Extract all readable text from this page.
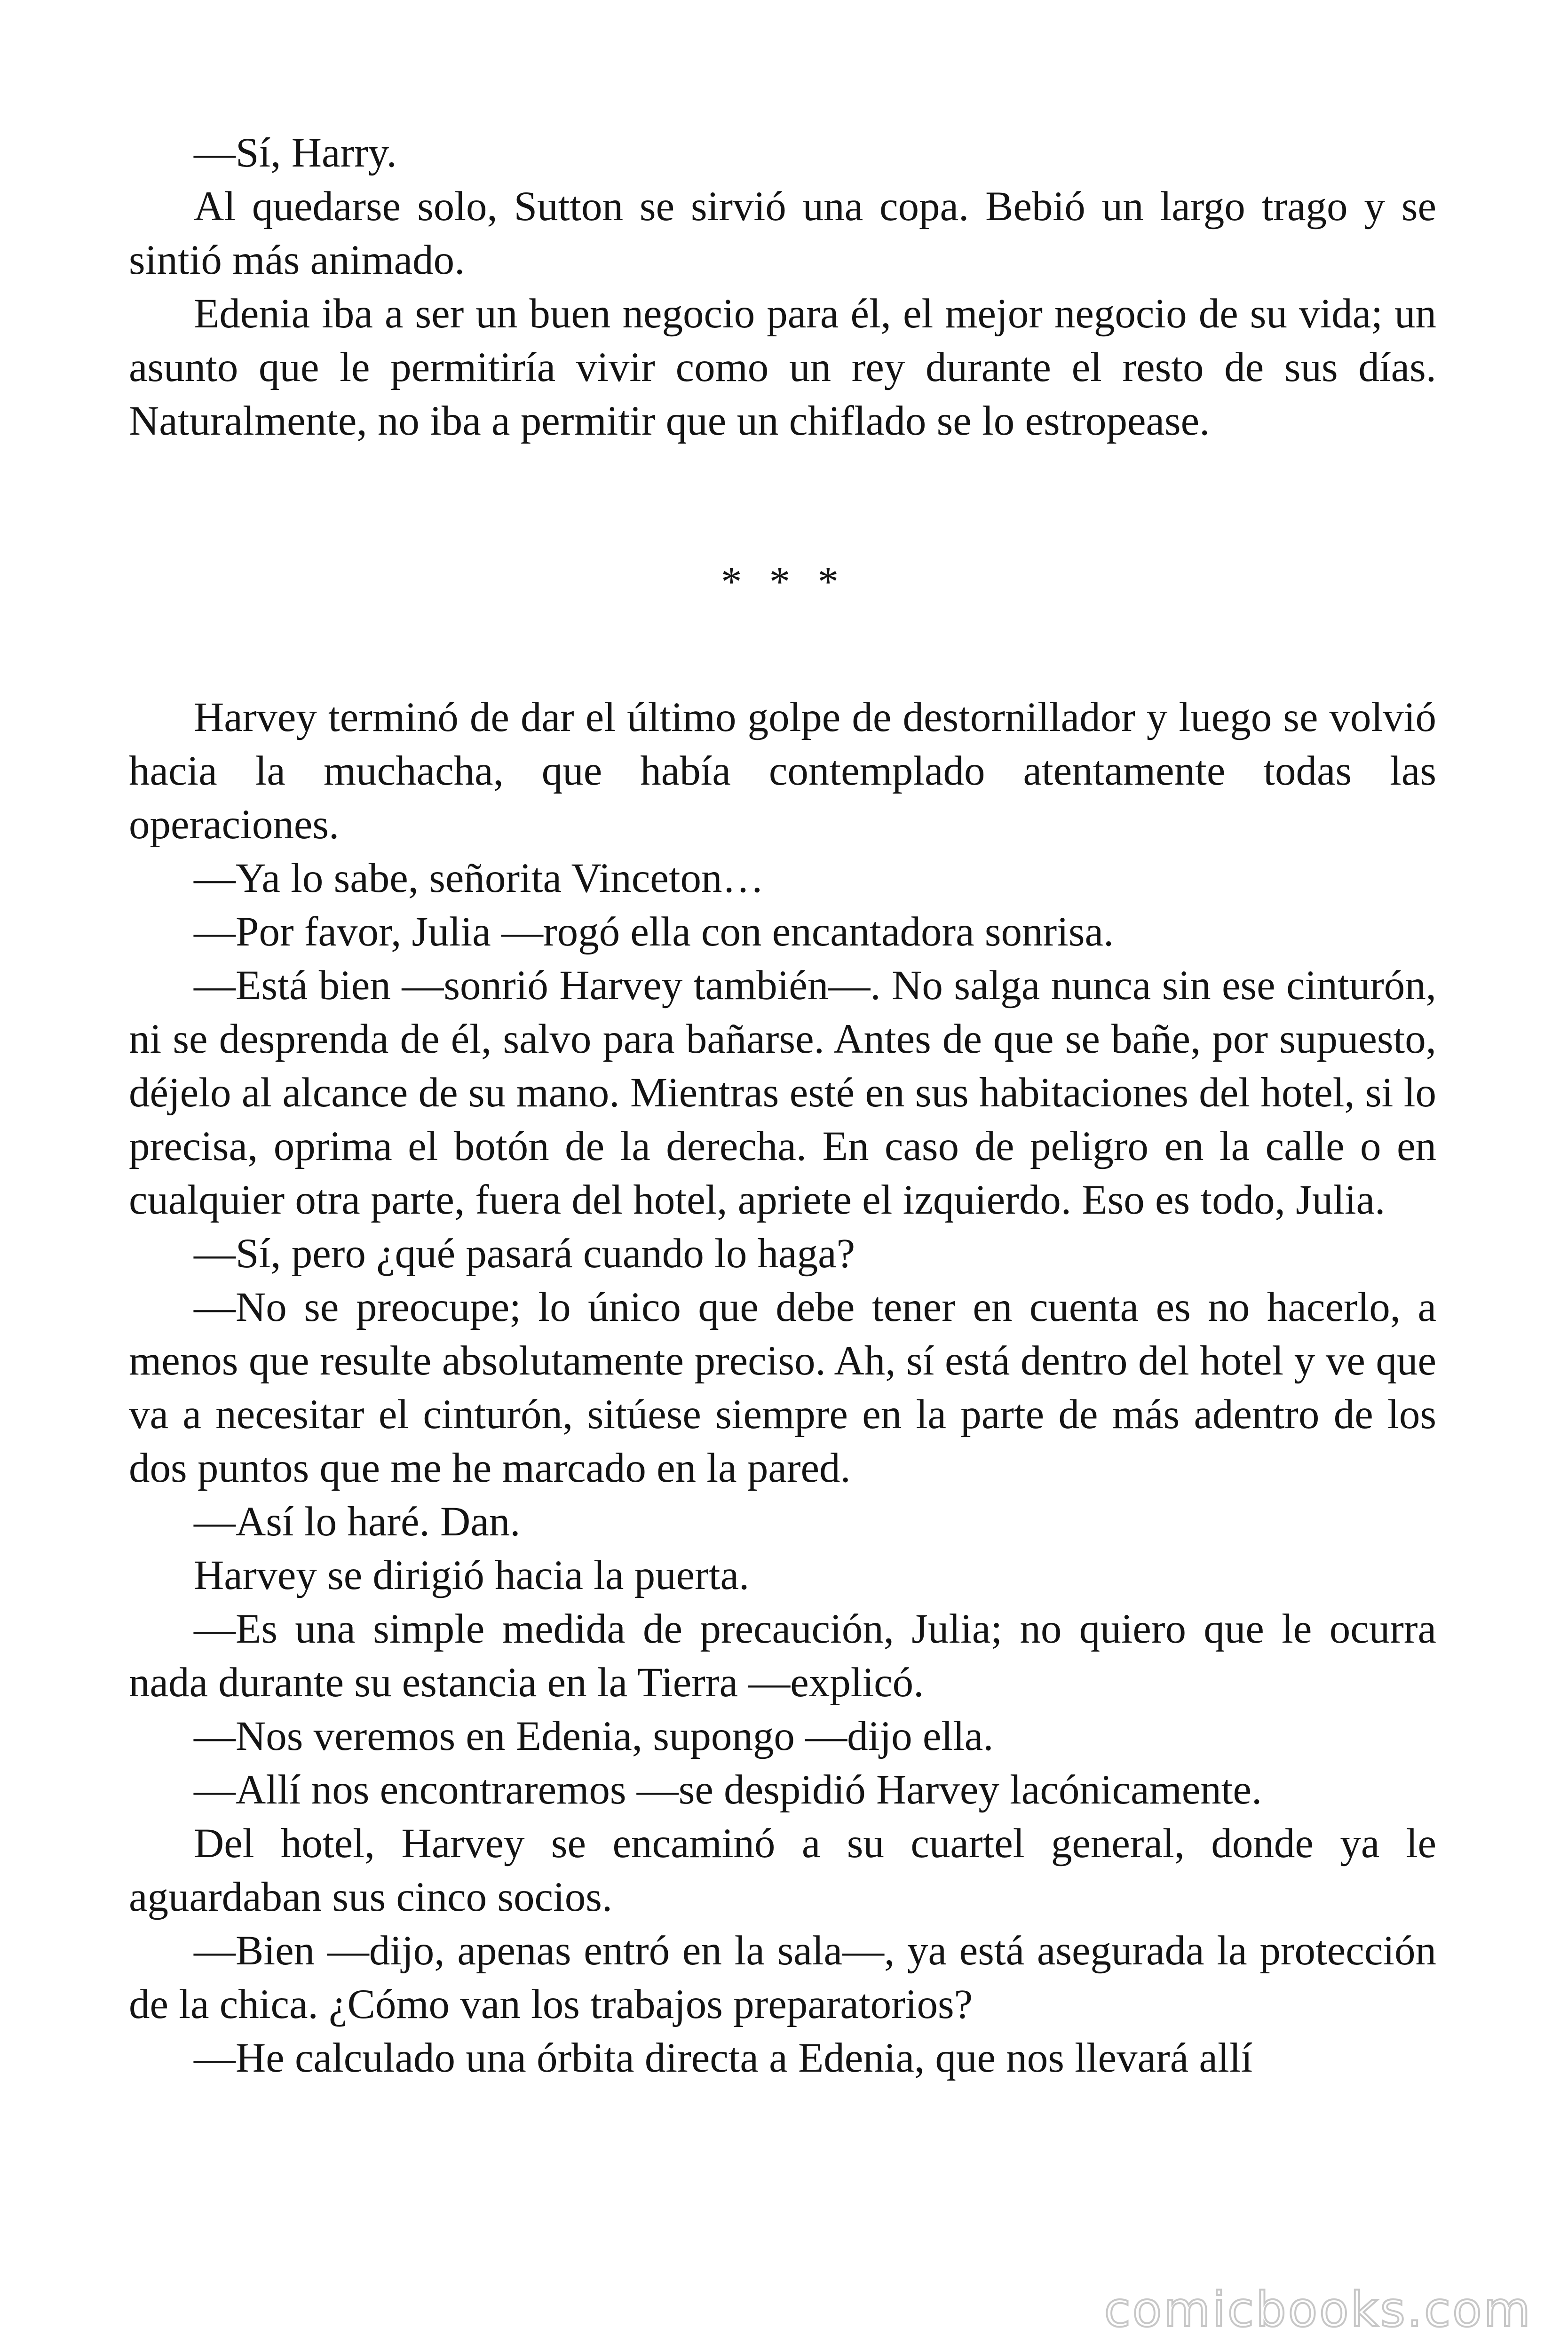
—Sí, Harry.

Al quedarse solo, Sutton se sirvió una copa. Bebió un largo trago y se sintió más animado.

Edenia iba a ser un buen negocio para él, el mejor negocio de su vida; un asunto que le permitiría vivir como un rey durante el resto de sus días. Naturalmente, no iba a permitir que un chiflado se lo estropease.

* * *

Harvey terminó de dar el último golpe de destornillador y luego se volvió hacia la muchacha, que había contemplado atentamente todas las operaciones.

—Ya lo sabe, señorita Vinceton…

—Por favor, Julia —rogó ella con encantadora sonrisa.

—Está bien —sonrió Harvey también—. No salga nunca sin ese cinturón, ni se desprenda de él, salvo para bañarse. Antes de que se bañe, por supuesto, déjelo al alcance de su mano. Mientras esté en sus habitaciones del hotel, si lo precisa, oprima el botón de la derecha. En caso de peligro en la calle o en cualquier otra parte, fuera del hotel, apriete el izquierdo. Eso es todo, Julia.

—Sí, pero ¿qué pasará cuando lo haga?

—No se preocupe; lo único que debe tener en cuenta es no hacerlo, a menos que resulte absolutamente preciso. Ah, sí está dentro del hotel y ve que va a necesitar el cinturón, sitúese siempre en la parte de más adentro de los dos puntos que me he marcado en la pared.

—Así lo haré. Dan.

Harvey se dirigió hacia la puerta.

—Es una simple medida de precaución, Julia; no quiero que le ocurra nada durante su estancia en la Tierra —explicó.

—Nos veremos en Edenia, supongo —dijo ella.

—Allí nos encontraremos —se despidió Harvey lacónicamente.

Del hotel, Harvey se encaminó a su cuartel general, donde ya le aguardaban sus cinco socios.

—Bien —dijo, apenas entró en la sala—, ya está asegurada la protección de la chica. ¿Cómo van los trabajos preparatorios?

—He calculado una órbita directa a Edenia, que nos llevará allí

comicbooks.com
